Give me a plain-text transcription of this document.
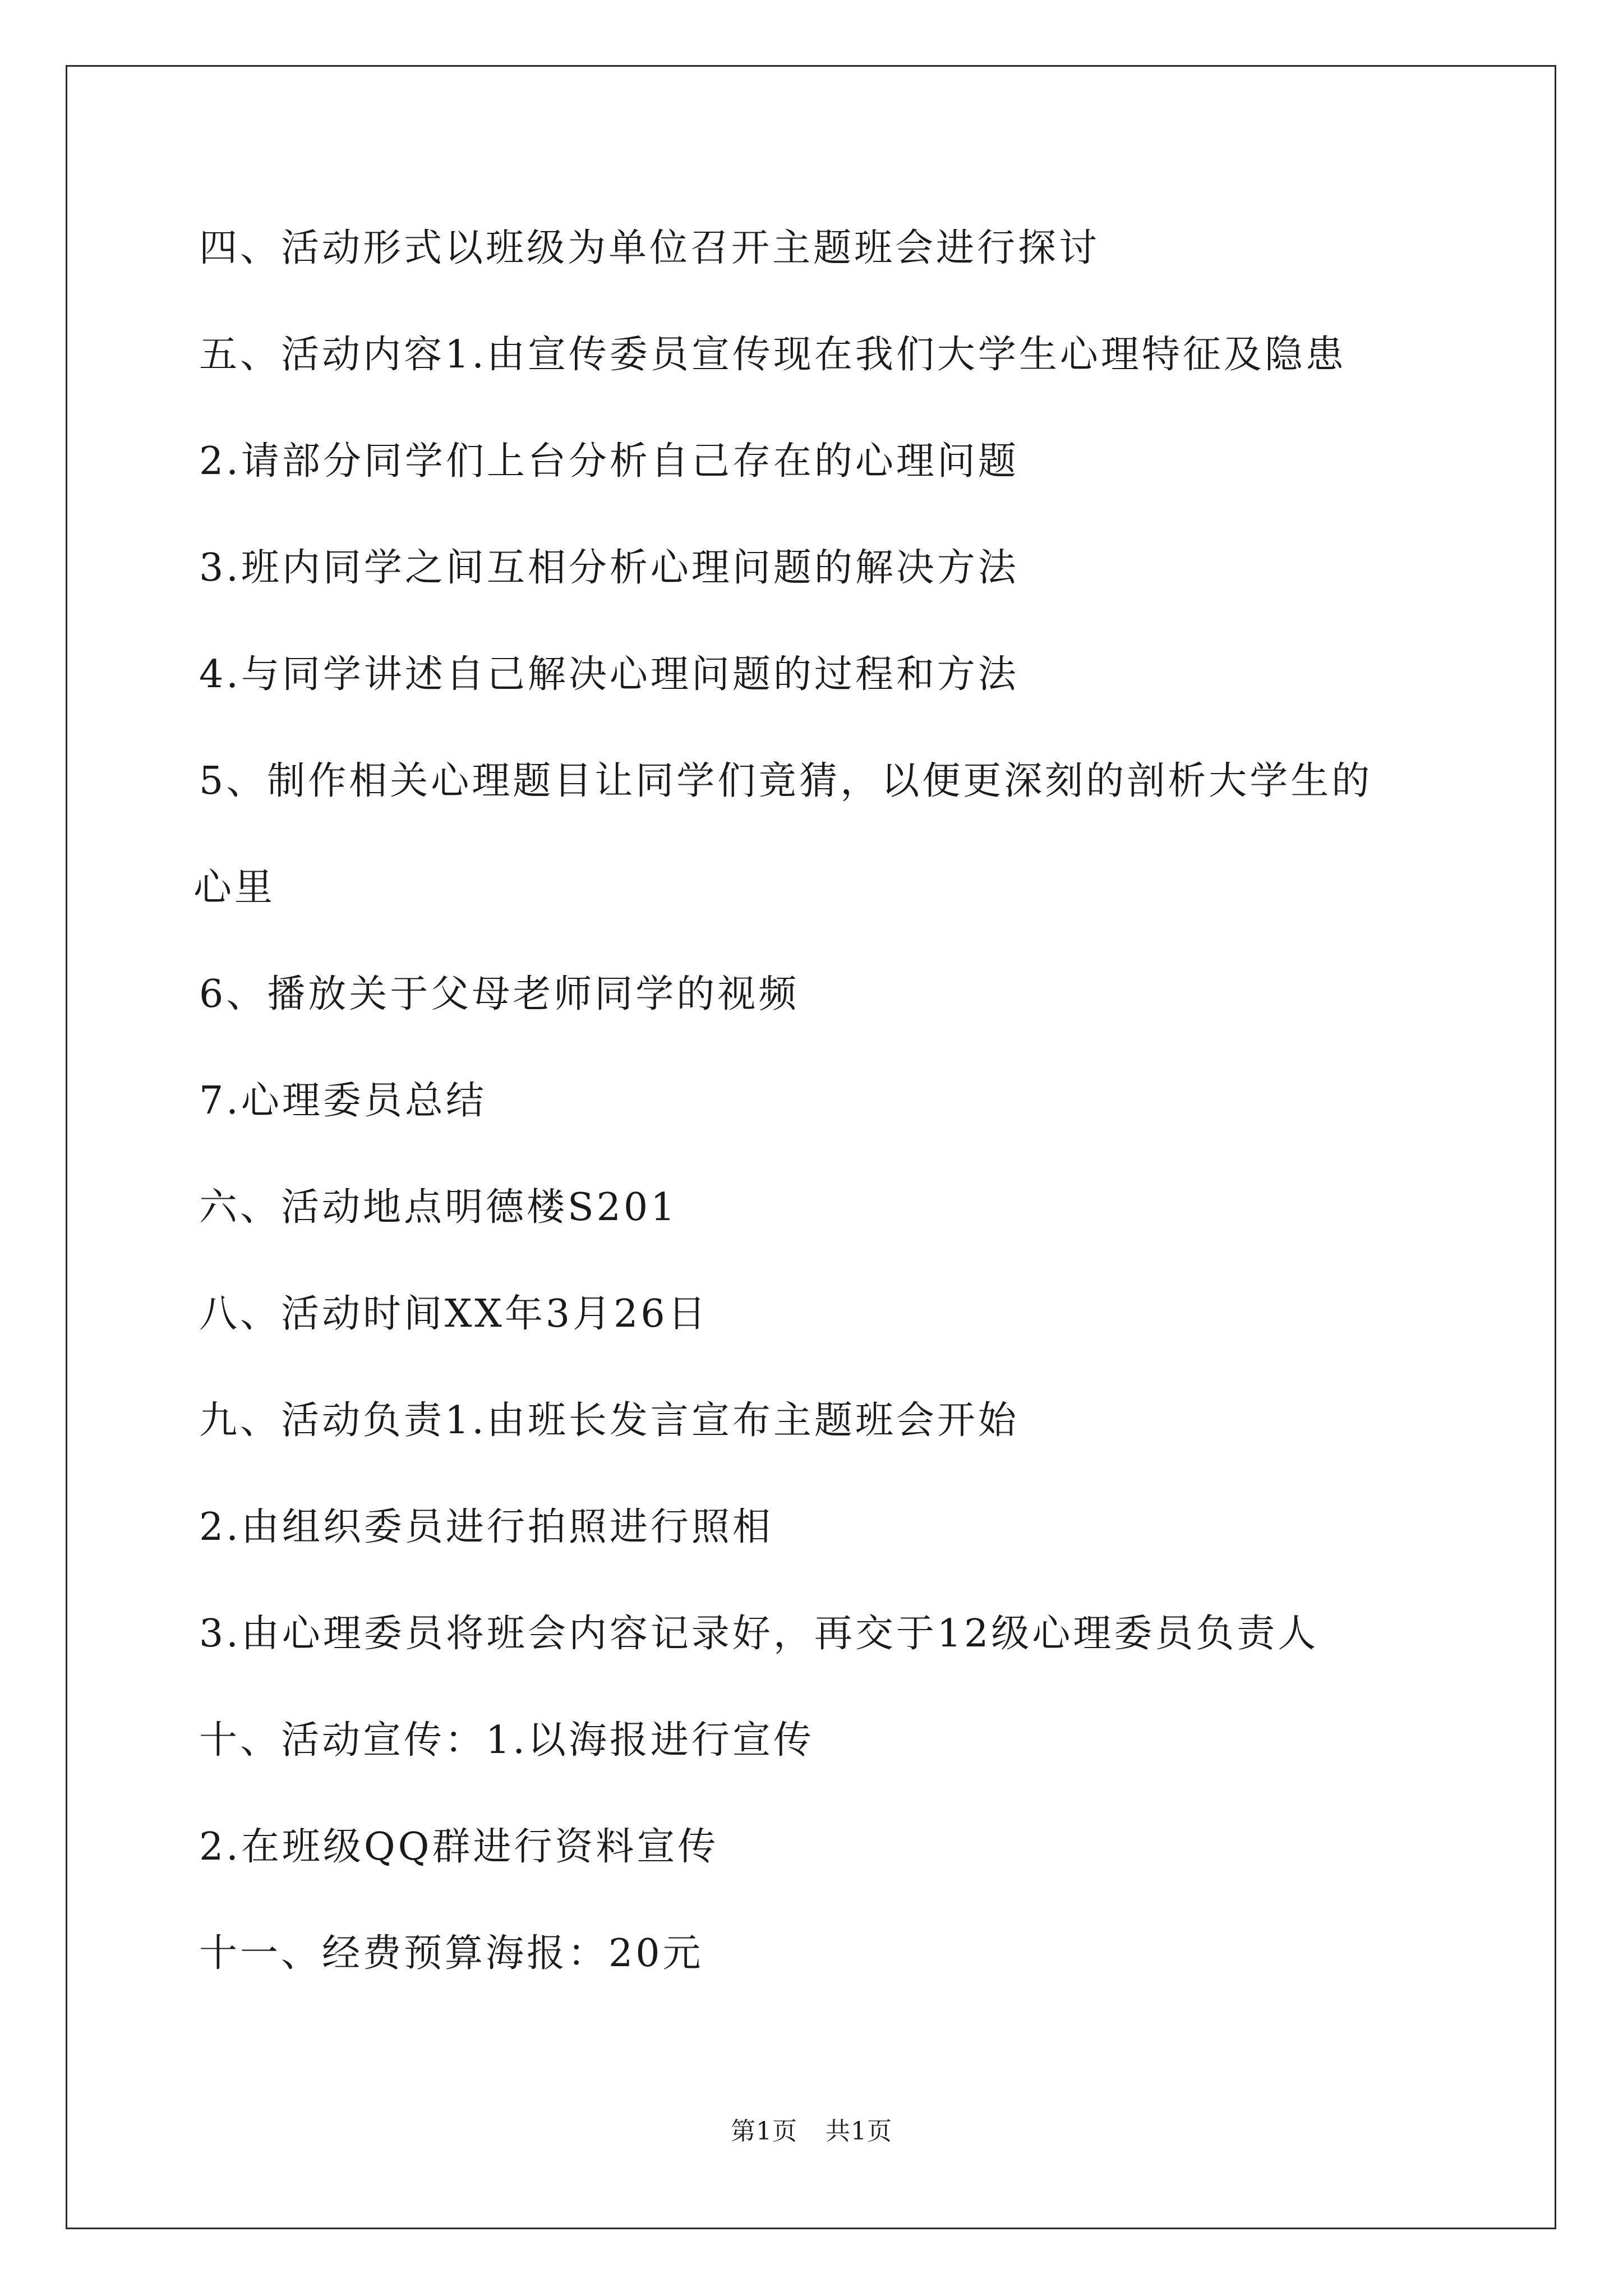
四、活动形式以班级为单位召开主题班会进行探讨
五、活动内容1.由宣传委员宣传现在我们大学生心理特征及隐患
2.请部分同学们上台分析自己存在的心理问题
3.班内同学之间互相分析心理问题的解决方法
4.与同学讲述自己解决心理问题的过程和方法
5、制作相关心理题目让同学们竟猜，以便更深刻的剖析大学生的
心里
6、播放关于父母老师同学的视频
7.心理委员总结
六、活动地点明德楼S201
八、活动时间XX年3月26日
九、活动负责1.由班长发言宣布主题班会开始
2.由组织委员进行拍照进行照相
3.由心理委员将班会内容记录好，再交于12级心理委员负责人
十、活动宣传：1.以海报进行宣传
2.在班级QQ群进行资料宣传
十一、经费预算海报：20元
第1页 共1页
